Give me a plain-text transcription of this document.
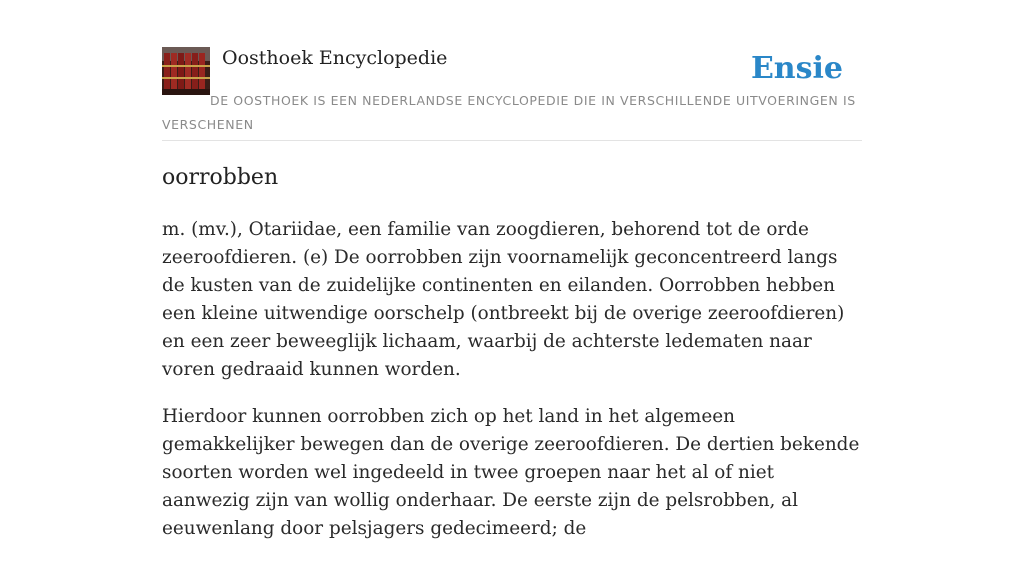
Oosthoek Encyclopedie	Ensie
DE OOSTHOEK IS EEN NEDERLANDSE ENCYCLOPEDIE DIE IN VERSCHILLENDE UITVOERINGEN IS VERSCHENEN
oorrobben

m. (mv.), Otariidae, een familie van zoogdieren, behorend tot de orde zeeroofdieren. (e) De oorrobben zijn voornamelijk geconcentreerd langs de kusten van de zuidelijke continenten en eilanden. Oorrobben hebben een kleine uitwendige oorschelp (ontbreekt bij de overige zeeroofdieren) en een zeer beweeglijk lichaam, waarbij de achterste ledematen naar voren gedraaid kunnen worden.

Hierdoor kunnen oorrobben zich op het land in het algemeen gemakkelijker bewegen dan de overige zeeroofdieren. De dertien bekende soorten worden wel ingedeeld in twee groepen naar het al of niet aanwezig zijn van wollig onderhaar. De eerste zijn de pelsrobben, al eeuwenlang door pelsjagers gedecimeerd; de
